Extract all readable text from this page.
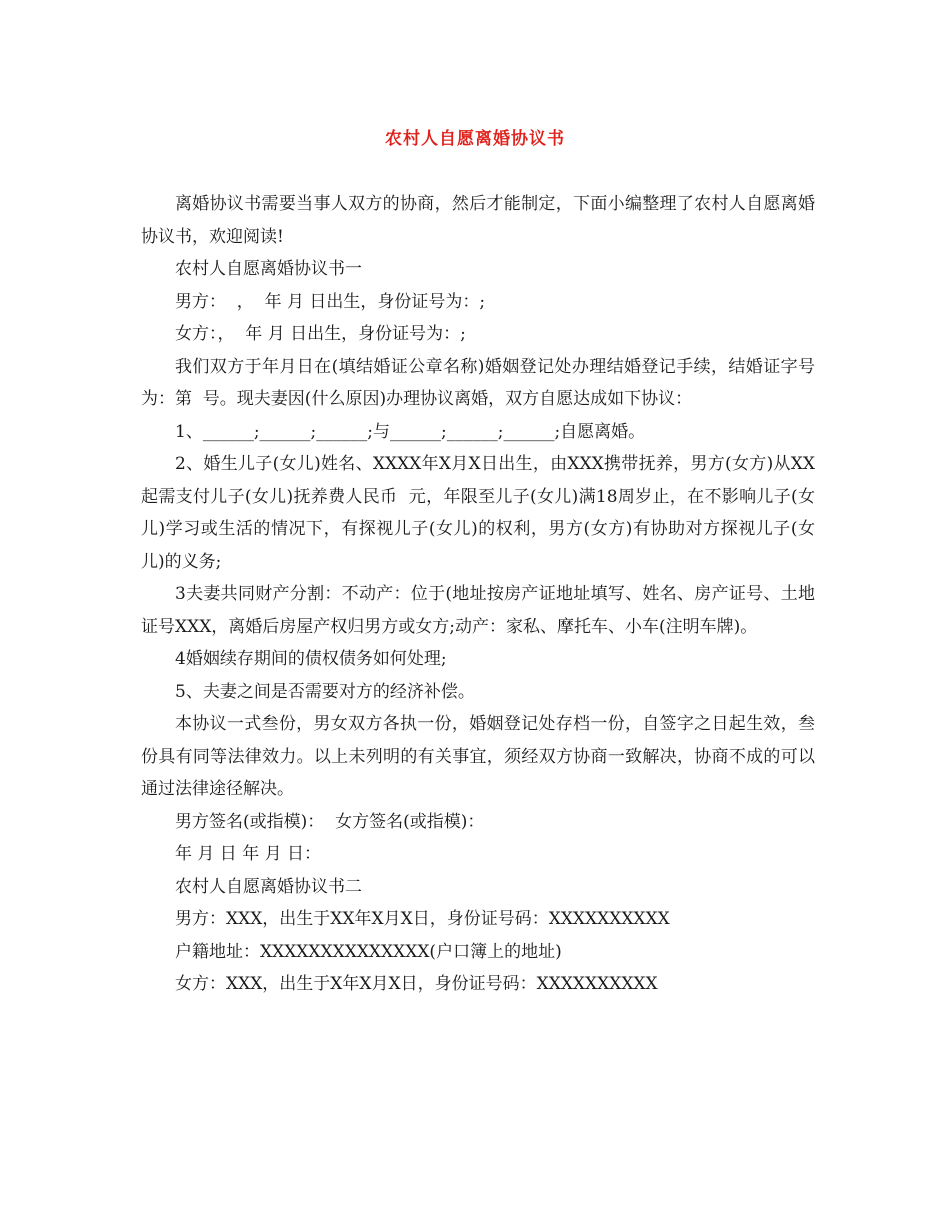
农村人自愿离婚协议书

离婚协议书需要当事人双方的协商，然后才能制定，下面小编整理了农村人自愿离婚协议书，欢迎阅读!

农村人自愿离婚协议书一

男方：  ，  年 月 日出生，身份证号为：;

女方：，  年 月 日出生，身份证号为：;

我们双方于年月日在(填结婚证公章名称)婚姻登记处办理结婚登记手续，结婚证字号为：第  号。现夫妻因(什么原因)办理协议离婚，双方自愿达成如下协议：

1、______;______;______;与______;______;______;自愿离婚。

2、婚生儿子(女儿)姓名、XXXX年X月X日出生，由XXX携带抚养，男方(女方)从XX起需支付儿子(女儿)抚养费人民币  元，年限至儿子(女儿)满18周岁止，在不影响儿子(女儿)学习或生活的情况下，有探视儿子(女儿)的权利，男方(女方)有协助对方探视儿子(女儿)的义务;

3夫妻共同财产分割：不动产：位于(地址按房产证地址填写、姓名、房产证号、土地证号XXX，离婚后房屋产权归男方或女方;动产：家私、摩托车、小车(注明车牌)。

4婚姻续存期间的债权债务如何处理;

5、夫妻之间是否需要对方的经济补偿。

本协议一式叁份，男女双方各执一份，婚姻登记处存档一份，自签字之日起生效，叁份具有同等法律效力。以上未列明的有关事宜，须经双方协商一致解决，协商不成的可以通过法律途径解决。

男方签名(或指模)：  女方签名(或指模)：

年 月 日 年 月 日：

农村人自愿离婚协议书二

男方：XXX，出生于XX年X月X日，身份证号码：XXXXXXXXXX

户籍地址：XXXXXXXXXXXXXX(户口簿上的地址)

女方：XXX，出生于X年X月X日，身份证号码：XXXXXXXXXX
